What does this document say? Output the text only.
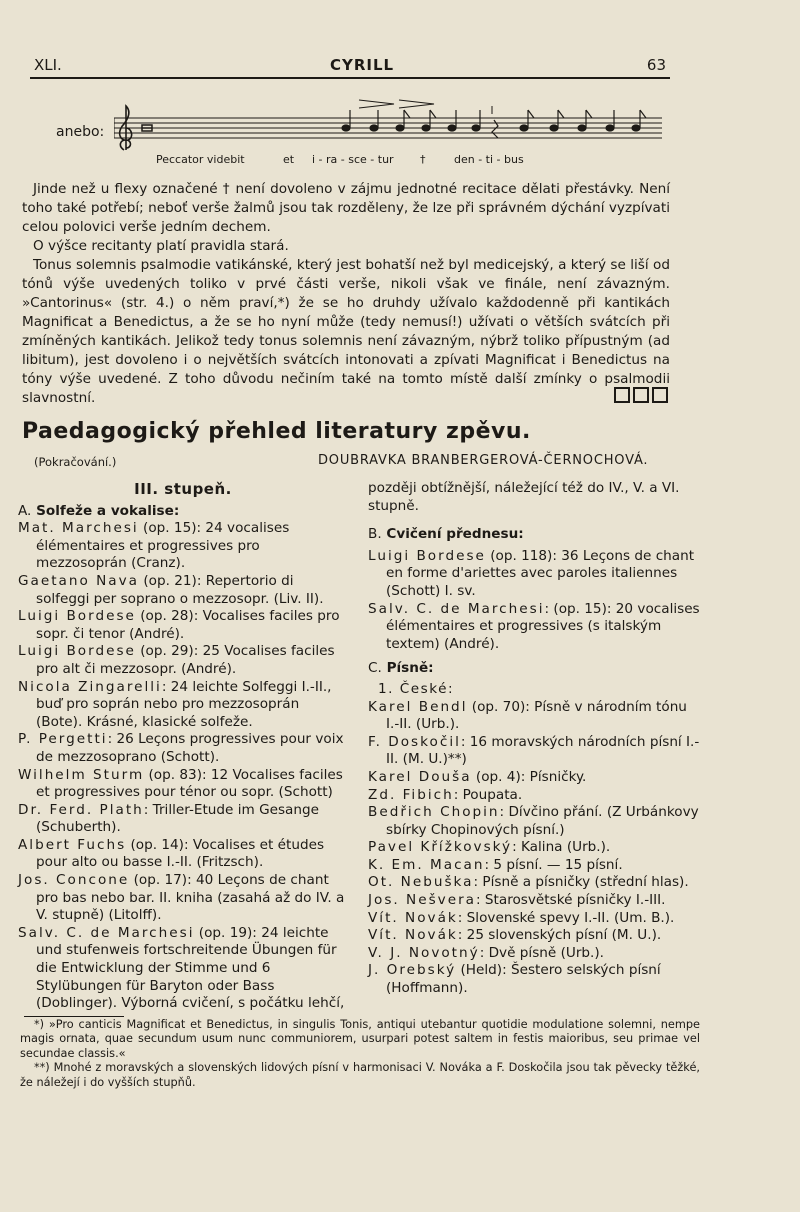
XLI.	CYRILL	63
anebo:
Peccator videbit	et i - ra - sce - tur †	den - ti - bus

Jinde než u flexy označené † není dovoleno v zájmu jednotné recitace dělati přestávky. Není toho také potřebí; neboť verše žalmů jsou tak rozděleny, že lze při správném dýchání vyzpívati celou polovici verše jedním dechem.

O výšce recitanty platí pravidla stará.

Tonus solemnis psalmodie vatikánské, který jest bohatší než byl medicejský, a který se liší od tónů výše uvedených toliko v prvé části verše, nikoli však ve finále, není závazným. »Cantorinus« (str. 4.) o něm praví,*) že se ho druhdy užívalo každodenně při kantikách Magnificat a Benedictus, a že se ho nyní může (tedy nemusí!) užívati o větších svátcích při zmíněných kantikách. Jelikož tedy tonus solemnis není závazným, nýbrž toliko přípustným (ad libitum), jest dovoleno i o největších svátcích intonovati a zpívati Magnificat i Benedictus na tóny výše uvedené. Z toho důvodu nečiním také na tomto místě další zmínky o psalmodii slavnostní.

Paedagogický přehled literatury zpěvu.
(Pokračování.)	DOUBRAVKA BRANBERGEROVÁ-ČERNOCHOVÁ.

III. stupeň.

A. Solfeže a vokalise:

Mat. Marchesi (op. 15): 24 vocalises élémentaires et progressives pro mezzosoprán (Cranz).

Gaetano Nava (op. 21): Repertorio di solfeggi per soprano o mezzosopr. (Liv. II).

Luigi Bordese (op. 28): Vocalises faciles pro sopr. či tenor (André).

Luigi Bordese (op. 29): 25 Vocalises faciles pro alt či mezzosopr. (André).

Nicola Zingarelli: 24 leichte Solfeggi I.-II., buď pro soprán nebo pro mezzosoprán (Bote). Krásné, klasické solfeže.

P. Pergetti: 26 Leçons progressives pour voix de mezzosoprano (Schott).

Wilhelm Sturm (op. 83): 12 Vocalises faciles et progressives pour ténor ou sopr. (Schott)

Dr. Ferd. Plath: Triller-Etude im Gesange (Schuberth).

Albert Fuchs (op. 14): Vocalises et études pour alto ou basse I.-II. (Fritzsch).

Jos. Concone (op. 17): 40 Leçons de chant pro bas nebo bar. II. kniha (zasahá až do IV. a V. stupně) (Litolff).

Salv. C. de Marchesi (op. 19): 24 leichte und stufenweis fortschreitende Übungen für die Entwicklung der Stimme und 6 Stylübungen für Baryton oder Bass (Doblinger). Výborná cvičení, s počátku lehčí,

později obtížnější, náležející též do IV., V. a VI. stupně.

B. Cvičení přednesu:

Luigi Bordese (op. 118): 36 Leçons de chant en forme d'ariettes avec paroles italiennes (Schott) I. sv.

Salv. C. de Marchesi: (op. 15): 20 vocalises élémentaires et progressives (s italským textem) (André).

C. Písně:

1. České:

Karel Bendl (op. 70): Písně v národním tónu I.-II. (Urb.).

F. Doskočil: 16 moravských národních písní I.-II. (M. U.)**)

Karel Douša (op. 4): Písničky.

Zd. Fibich: Poupata.

Bedřich Chopin: Dívčino přání. (Z Urbánkovy sbírky Chopinových písní.)

Pavel Křížkovský: Kalina (Urb.).

K. Em. Macan: 5 písní. — 15 písní.

Ot. Nebuška: Písně a písničky (střední hlas).

Jos. Nešvera: Starosvětské písničky I.-III.

Vít. Novák: Slovenské spevy I.-II. (Um. B.).

Vít. Novák: 25 slovenských písní (M. U.).

V. J. Novotný: Dvě písně (Urb.).

J. Orebský (Held): Šestero selských písní (Hoffmann).

*) »Pro canticis Magnificat et Benedictus, in singulis Tonis, antiqui utebantur quotidie modulatione solemni, nempe magis ornata, quae secundum usum nunc communiorem, usurpari potest saltem in festis maioribus, seu primae vel secundae classis.«

**) Mnohé z moravských a slovenských lidových písní v harmonisaci V. Nováka a F. Doskočila jsou tak pěvecky těžké, že náležejí i do vyšších stupňů.
